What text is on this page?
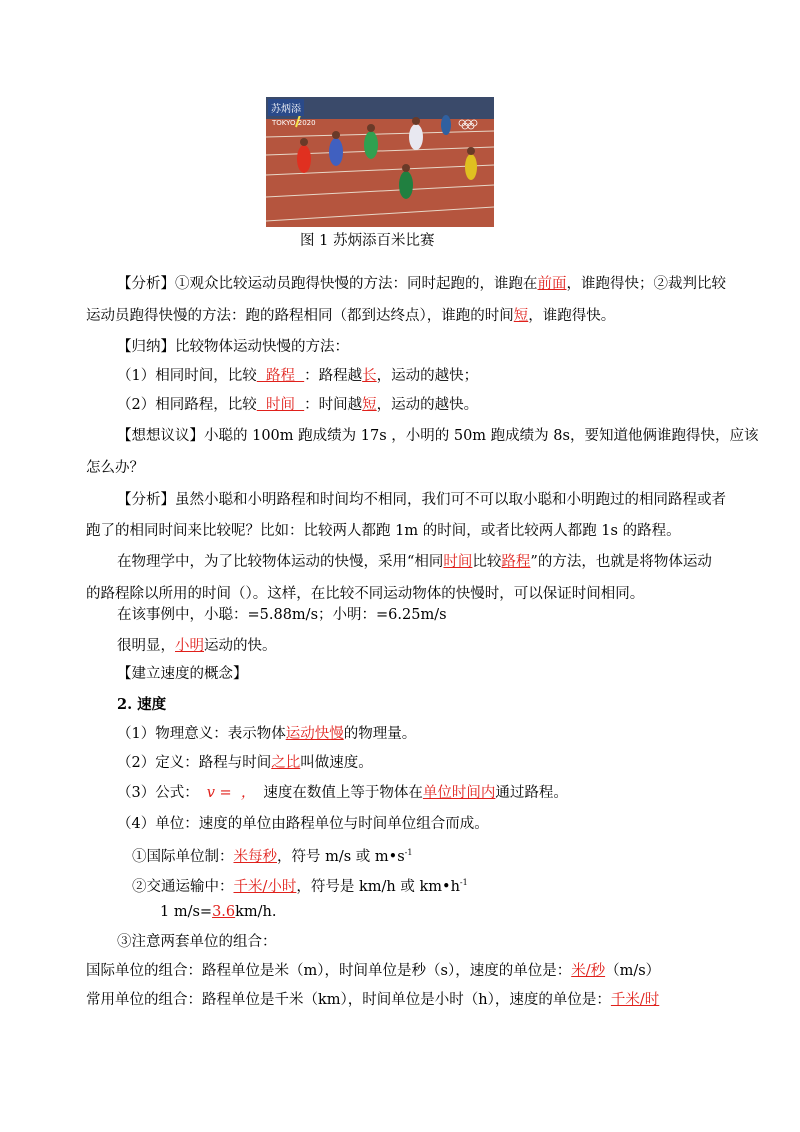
苏炳添
TOKYO 2020
图 1 苏炳添百米比赛
【分析】①观众比较运动员跑得快慢的方法：同时起跑的，谁跑在前面，谁跑得快；②裁判比较
运动员跑得快慢的方法：跑的路程相同（都到达终点），谁跑的时间短，谁跑得快。
【归纳】比较物体运动快慢的方法：
（1）相同时间，比较  路程  ：路程越长，运动的越快；
（2）相同路程，比较  时间  ：时间越短，运动的越快。
【想想议议】小聪的 100m 跑成绩为 17s ，小明的 50m 跑成绩为 8s，要知道他俩谁跑得快，应该
怎么办？
【分析】虽然小聪和小明路程和时间均不相同，我们可不可以取小聪和小明跑过的相同路程或者
跑了的相同时间来比较呢？比如：比较两人都跑 1m 的时间，或者比较两人都跑 1s 的路程。
在物理学中，为了比较物体运动的快慢，采用“相同时间比较路程”的方法，也就是将物体运动
的路程除以所用的时间（）。这样，在比较不同运动物体的快慢时，可以保证时间相同。
在该事例中，小聪：=5.88m/s；小明：=6.25m/s
很明显，小明运动的快。
【建立速度的概念】
2. 速度
（1）物理意义：表示物体运动快慢的物理量。
（2）定义：路程与时间之比叫做速度。
（3）公式： v =  ， 速度在数值上等于物体在单位时间内通过路程。
（4）单位：速度的单位由路程单位与时间单位组合而成。
①国际单位制：米每秒，符号 m/s 或 $m•s^{-1}$
②交通运输中：千米/小时，符号是 km/h 或 $km•h^{-1}$
1 m/s=3.6km/h.
③注意两套单位的组合：
国际单位的组合：路程单位是米（m），时间单位是秒（s），速度的单位是：米/秒（m/s）
常用单位的组合：路程单位是千米（km），时间单位是小时（h），速度的单位是：千米/时
